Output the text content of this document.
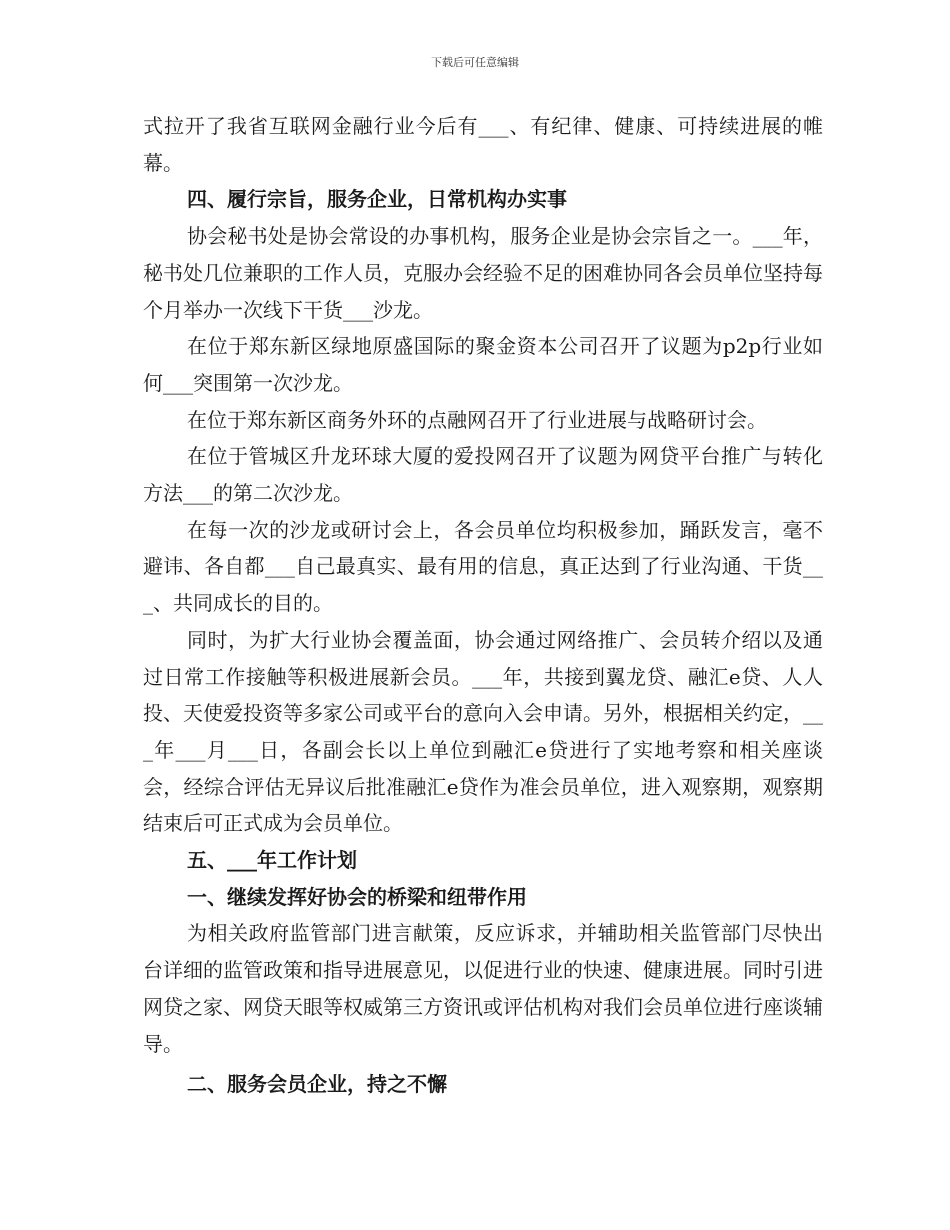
下载后可任意编辑

式拉开了我省互联网金融行业今后有___、有纪律、健康、可持续进展的帷幕。

四、履行宗旨，服务企业，日常机构办实事

协会秘书处是协会常设的办事机构，服务企业是协会宗旨之一。___年，秘书处几位兼职的工作人员，克服办会经验不足的困难协同各会员单位坚持每个月举办一次线下干货___沙龙。

在位于郑东新区绿地原盛国际的聚金资本公司召开了议题为p2p行业如何___突围第一次沙龙。

在位于郑东新区商务外环的点融网召开了行业进展与战略研讨会。

在位于管城区升龙环球大厦的爱投网召开了议题为网贷平台推广与转化方法___的第二次沙龙。

在每一次的沙龙或研讨会上，各会员单位均积极参加，踊跃发言，毫不避讳、各自都___自己最真实、最有用的信息，真正达到了行业沟通、干货___、共同成长的目的。

同时，为扩大行业协会覆盖面，协会通过网络推广、会员转介绍以及通过日常工作接触等积极进展新会员。___年，共接到翼龙贷、融汇e贷、人人投、天使爱投资等多家公司或平台的意向入会申请。另外，根据相关约定，___年___月___日，各副会长以上单位到融汇e贷进行了实地考察和相关座谈会，经综合评估无异议后批准融汇e贷作为准会员单位，进入观察期，观察期结束后可正式成为会员单位。

五、___年工作计划

一、继续发挥好协会的桥梁和纽带作用

为相关政府监管部门进言献策，反应诉求，并辅助相关监管部门尽快出台详细的监管政策和指导进展意见，以促进行业的快速、健康进展。同时引进网贷之家、网贷天眼等权威第三方资讯或评估机构对我们会员单位进行座谈辅导。

二、服务会员企业，持之不懈
